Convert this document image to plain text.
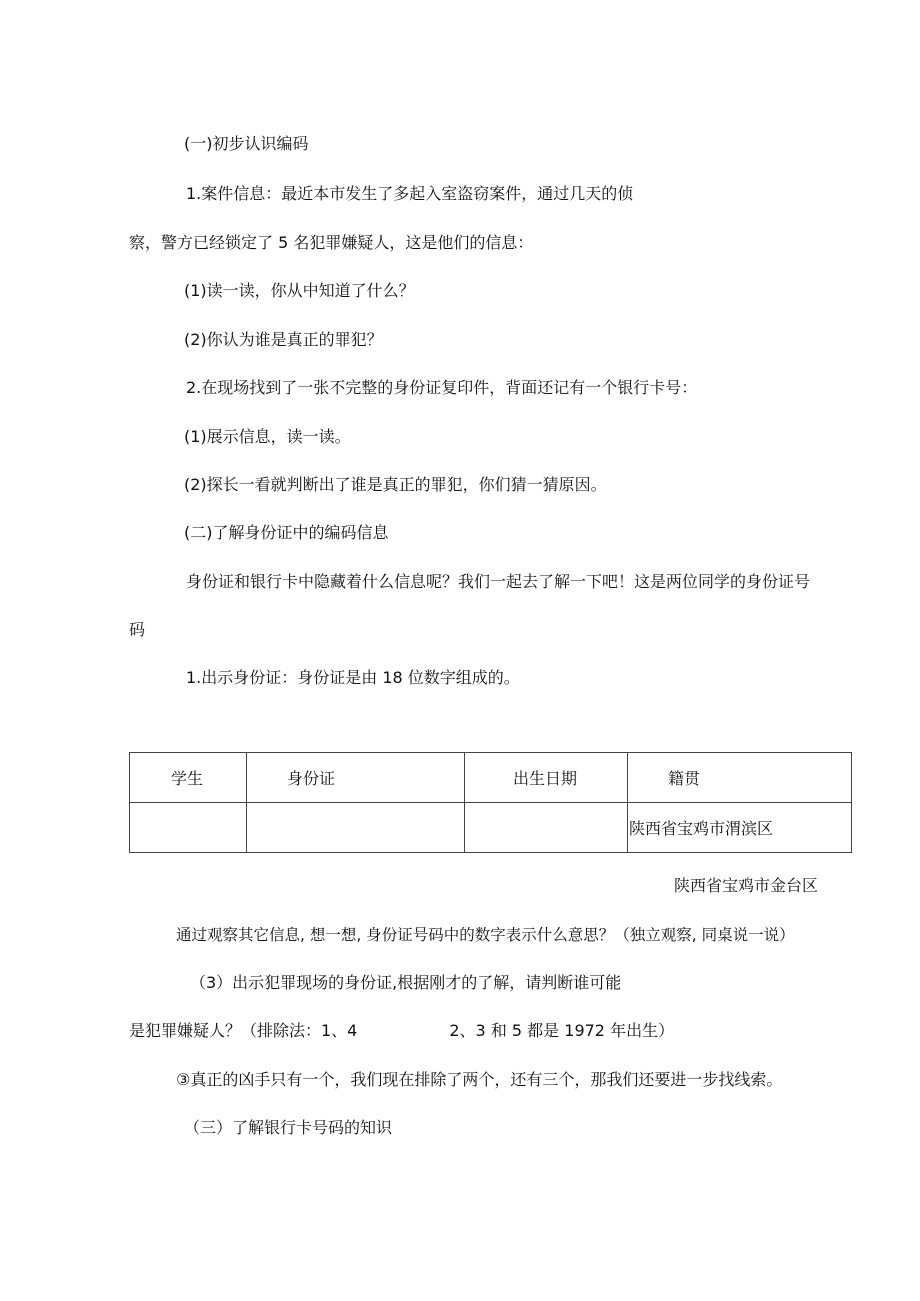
(一)初步认识编码
1.案件信息：最近本市发生了多起入室盗窃案件，通过几天的侦
察，警方已经锁定了 5 名犯罪嫌疑人，这是他们的信息：
(1)读一读，你从中知道了什么？
(2)你认为谁是真正的罪犯？
2.在现场找到了一张不完整的身份证复印件，背面还记有一个银行卡号：
(1)展示信息，读一读。
(2)探长一看就判断出了谁是真正的罪犯，你们猜一猜原因。
(二)了解身份证中的编码信息
身份证和银行卡中隐藏着什么信息呢？我们一起去了解一下吧！这是两位同学的身份证号
码
1.出示身份证：身份证是由 18 位数字组成的。
学生	身份证	出生日期	籍贯
			陕西省宝鸡市渭滨区
陕西省宝鸡市金台区
通过观察其它信息, 想一想, 身份证号码中的数字表示什么意思？（独立观察, 同桌说一说）
（3）出示犯罪现场的身份证,根据刚才的了解，请判断谁可能
是犯罪嫌疑人？（排除法：1、4	2、3 和 5 都是 1972 年出生）
③真正的凶手只有一个，我们现在排除了两个，还有三个，那我们还要进一步找线索。
（三）了解银行卡号码的知识
